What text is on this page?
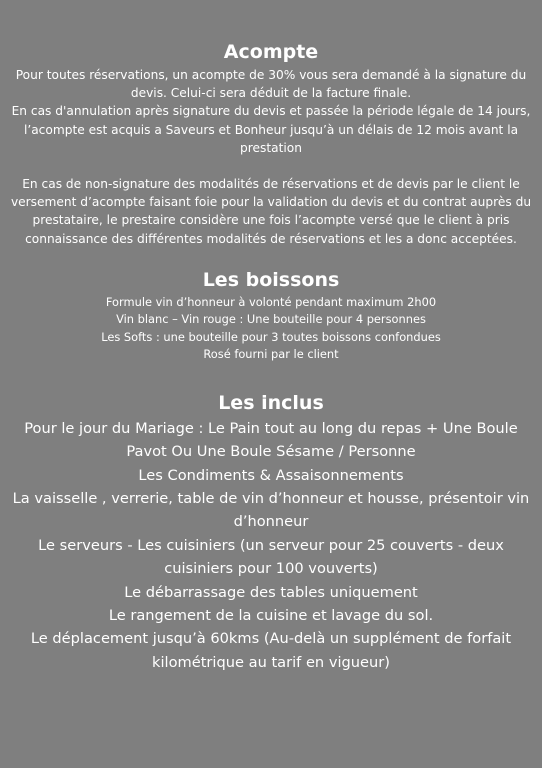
Acompte

Pour toutes réservations, un acompte de 30% vous sera demandé à la signature du devis. Celui-ci sera déduit de la facture finale.

En cas d'annulation après signature du devis et passée la période légale de 14 jours, l’acompte est acquis a Saveurs et Bonheur jusqu’à un délais de 12 mois avant la prestation

En cas de non-signature des modalités de réservations et de devis par le client le versement d’acompte faisant foie pour la validation du devis et du contrat auprès du prestataire, le prestaire considère une fois l’acompte versé que le client à pris connaissance des différentes modalités de réservations et les a donc acceptées.

Les boissons

Formule vin d’honneur à volonté pendant maximum 2h00

Vin blanc – Vin rouge : Une bouteille pour 4 personnes

Les Softs : une bouteille pour 3 toutes boissons confondues

Rosé fourni par le client

Les inclus

Pour le jour du Mariage : Le Pain tout au long du repas + Une Boule Pavot Ou Une Boule Sésame / Personne

Les Condiments & Assaisonnements

La vaisselle , verrerie, table de vin d’honneur et housse, présentoir vin d’honneur

Le serveurs - Les cuisiniers (un serveur pour 25 couverts - deux cuisiniers pour 100 vouverts)

Le débarrassage des tables uniquement

Le rangement de la cuisine et lavage du sol.

Le déplacement jusqu’à 60kms (Au-delà un supplément de forfait kilométrique au tarif en vigueur)
